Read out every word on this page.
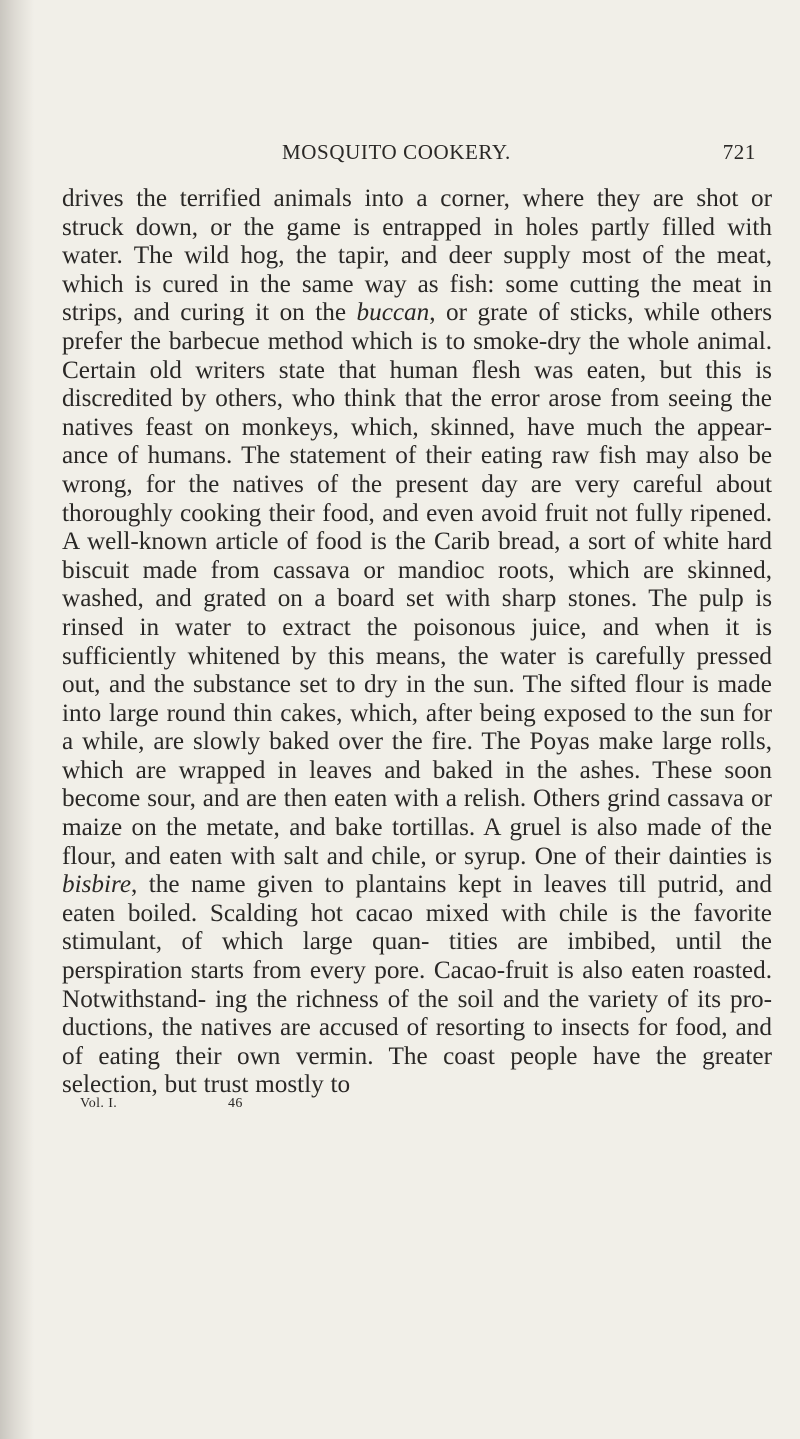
MOSQUITO COOKERY.	721
drives the terrified animals into a corner, where they are shot or struck down, or the game is entrapped in holes partly filled with water. The wild hog, the tapir, and deer supply most of the meat, which is cured in the same way as fish: some cutting the meat in strips, and curing it on the buccan, or grate of sticks, while others prefer the barbecue method which is to smoke-dry the whole animal. Certain old writers state that human flesh was eaten, but this is discredited by others, who think that the error arose from seeing the natives feast on monkeys, which, skinned, have much the appear- ance of humans. The statement of their eating raw fish may also be wrong, for the natives of the present day are very careful about thoroughly cooking their food, and even avoid fruit not fully ripened. A well-known article of food is the Carib bread, a sort of white hard biscuit made from cassava or mandioc roots, which are skinned, washed, and grated on a board set with sharp stones. The pulp is rinsed in water to extract the poisonous juice, and when it is sufficiently whitened by this means, the water is carefully pressed out, and the substance set to dry in the sun. The sifted flour is made into large round thin cakes, which, after being exposed to the sun for a while, are slowly baked over the fire. The Poyas make large rolls, which are wrapped in leaves and baked in the ashes. These soon become sour, and are then eaten with a relish. Others grind cassava or maize on the metate, and bake tortillas. A gruel is also made of the flour, and eaten with salt and chile, or syrup. One of their dainties is bisbire, the name given to plantains kept in leaves till putrid, and eaten boiled. Scalding hot cacao mixed with chile is the favorite stimulant, of which large quan- tities are imbibed, until the perspiration starts from every pore. Cacao-fruit is also eaten roasted. Notwithstand- ing the richness of the soil and the variety of its pro- ductions, the natives are accused of resorting to insects for food, and of eating their own vermin. The coast people have the greater selection, but trust mostly to
Vol. I.	46
